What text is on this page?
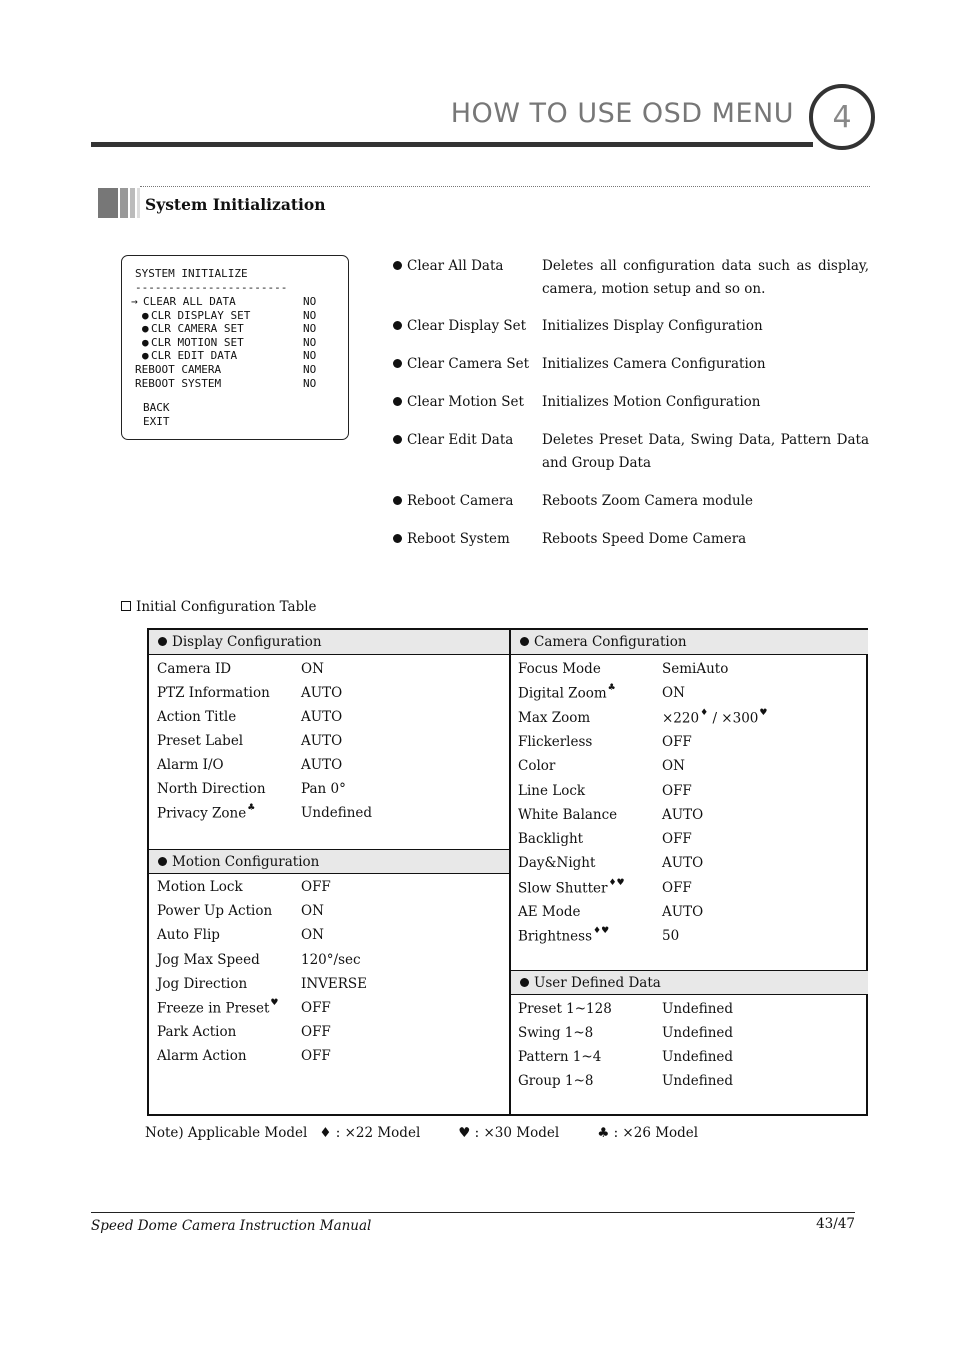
HOW TO USE OSD MENU	4
System Initialization
SYSTEM INITIALIZE
-----------------------
BACK
EXIT
→ CLEAR ALL DATA	NO
● CLR DISPLAY SET	NO
● CLR CAMERA SET	NO
● CLR MOTION SET	NO
● CLR EDIT DATA	NO
REBOOT CAMERA	NO
REBOOT SYSTEM	NO
Clear All Data	Deletes all configuration data such as display, camera, motion setup and so on.
Clear Display Set Initializes Display Configuration
Clear Camera Set Initializes Camera Configuration
Clear Motion Set Initializes Motion Configuration
Clear Edit Data Deletes Preset Data, Swing Data, Pattern Data and Group Data
Reboot Camera Reboots Zoom Camera module
Reboot System Reboots Speed Dome Camera
Initial Configuration Table
Display Configuration
Camera ID	ON
PTZ Information AUTO
Action Title	AUTO
Preset Label	AUTO
Alarm I/O	AUTO
North Direction	Pan 0°
Privacy Zone♣	Undefined
Motion Configuration
Motion Lock	OFF
Power Up Action ON
Auto Flip	ON
Jog Max Speed	120°/sec
Jog Direction	INVERSE
Freeze in Preset♥ OFF
Park Action	OFF
Alarm Action	OFF
Camera Configuration
Focus Mode	SemiAuto
Digital Zoom♣	ON
Max Zoom	×220♦ / ×300♥
Flickerless	OFF
Color	ON
Line Lock	OFF
White Balance	AUTO
Backlight	OFF
Day&Night	AUTO
Slow Shutter♦♥	OFF
AE Mode	AUTO
Brightness♦♥	50
User Defined Data
Preset 1~128	Undefined
Swing 1~8	Undefined
Pattern 1~4	Undefined
Group 1~8	Undefined
Note) Applicable Model ♦ : ×22 Model	♥ : ×30 Model	♣ : ×26 Model
Speed Dome Camera Instruction Manual	43/47
